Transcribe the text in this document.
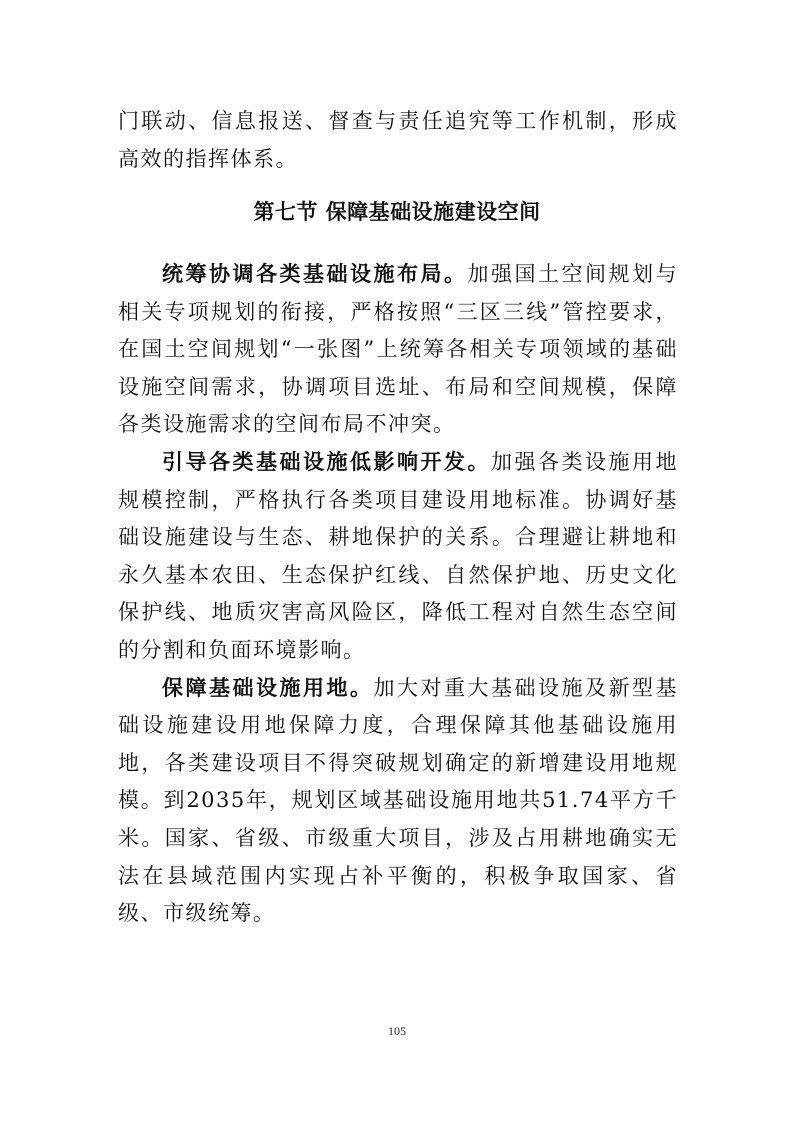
门联动、信息报送、督查与责任追究等工作机制，形成高效的指挥体系。

第七节 保障基础设施建设空间

统筹协调各类基础设施布局。加强国土空间规划与相关专项规划的衔接，严格按照“三区三线”管控要求，在国土空间规划“一张图”上统筹各相关专项领域的基础设施空间需求，协调项目选址、布局和空间规模，保障各类设施需求的空间布局不冲突。

引导各类基础设施低影响开发。加强各类设施用地规模控制，严格执行各类项目建设用地标准。协调好基础设施建设与生态、耕地保护的关系。合理避让耕地和永久基本农田、生态保护红线、自然保护地、历史文化保护线、地质灾害高风险区，降低工程对自然生态空间的分割和负面环境影响。

保障基础设施用地。加大对重大基础设施及新型基础设施建设用地保障力度，合理保障其他基础设施用地，各类建设项目不得突破规划确定的新增建设用地规模。到2035年，规划区域基础设施用地共51.74平方千米。国家、省级、市级重大项目，涉及占用耕地确实无法在县域范围内实现占补平衡的，积极争取国家、省级、市级统筹。

105
